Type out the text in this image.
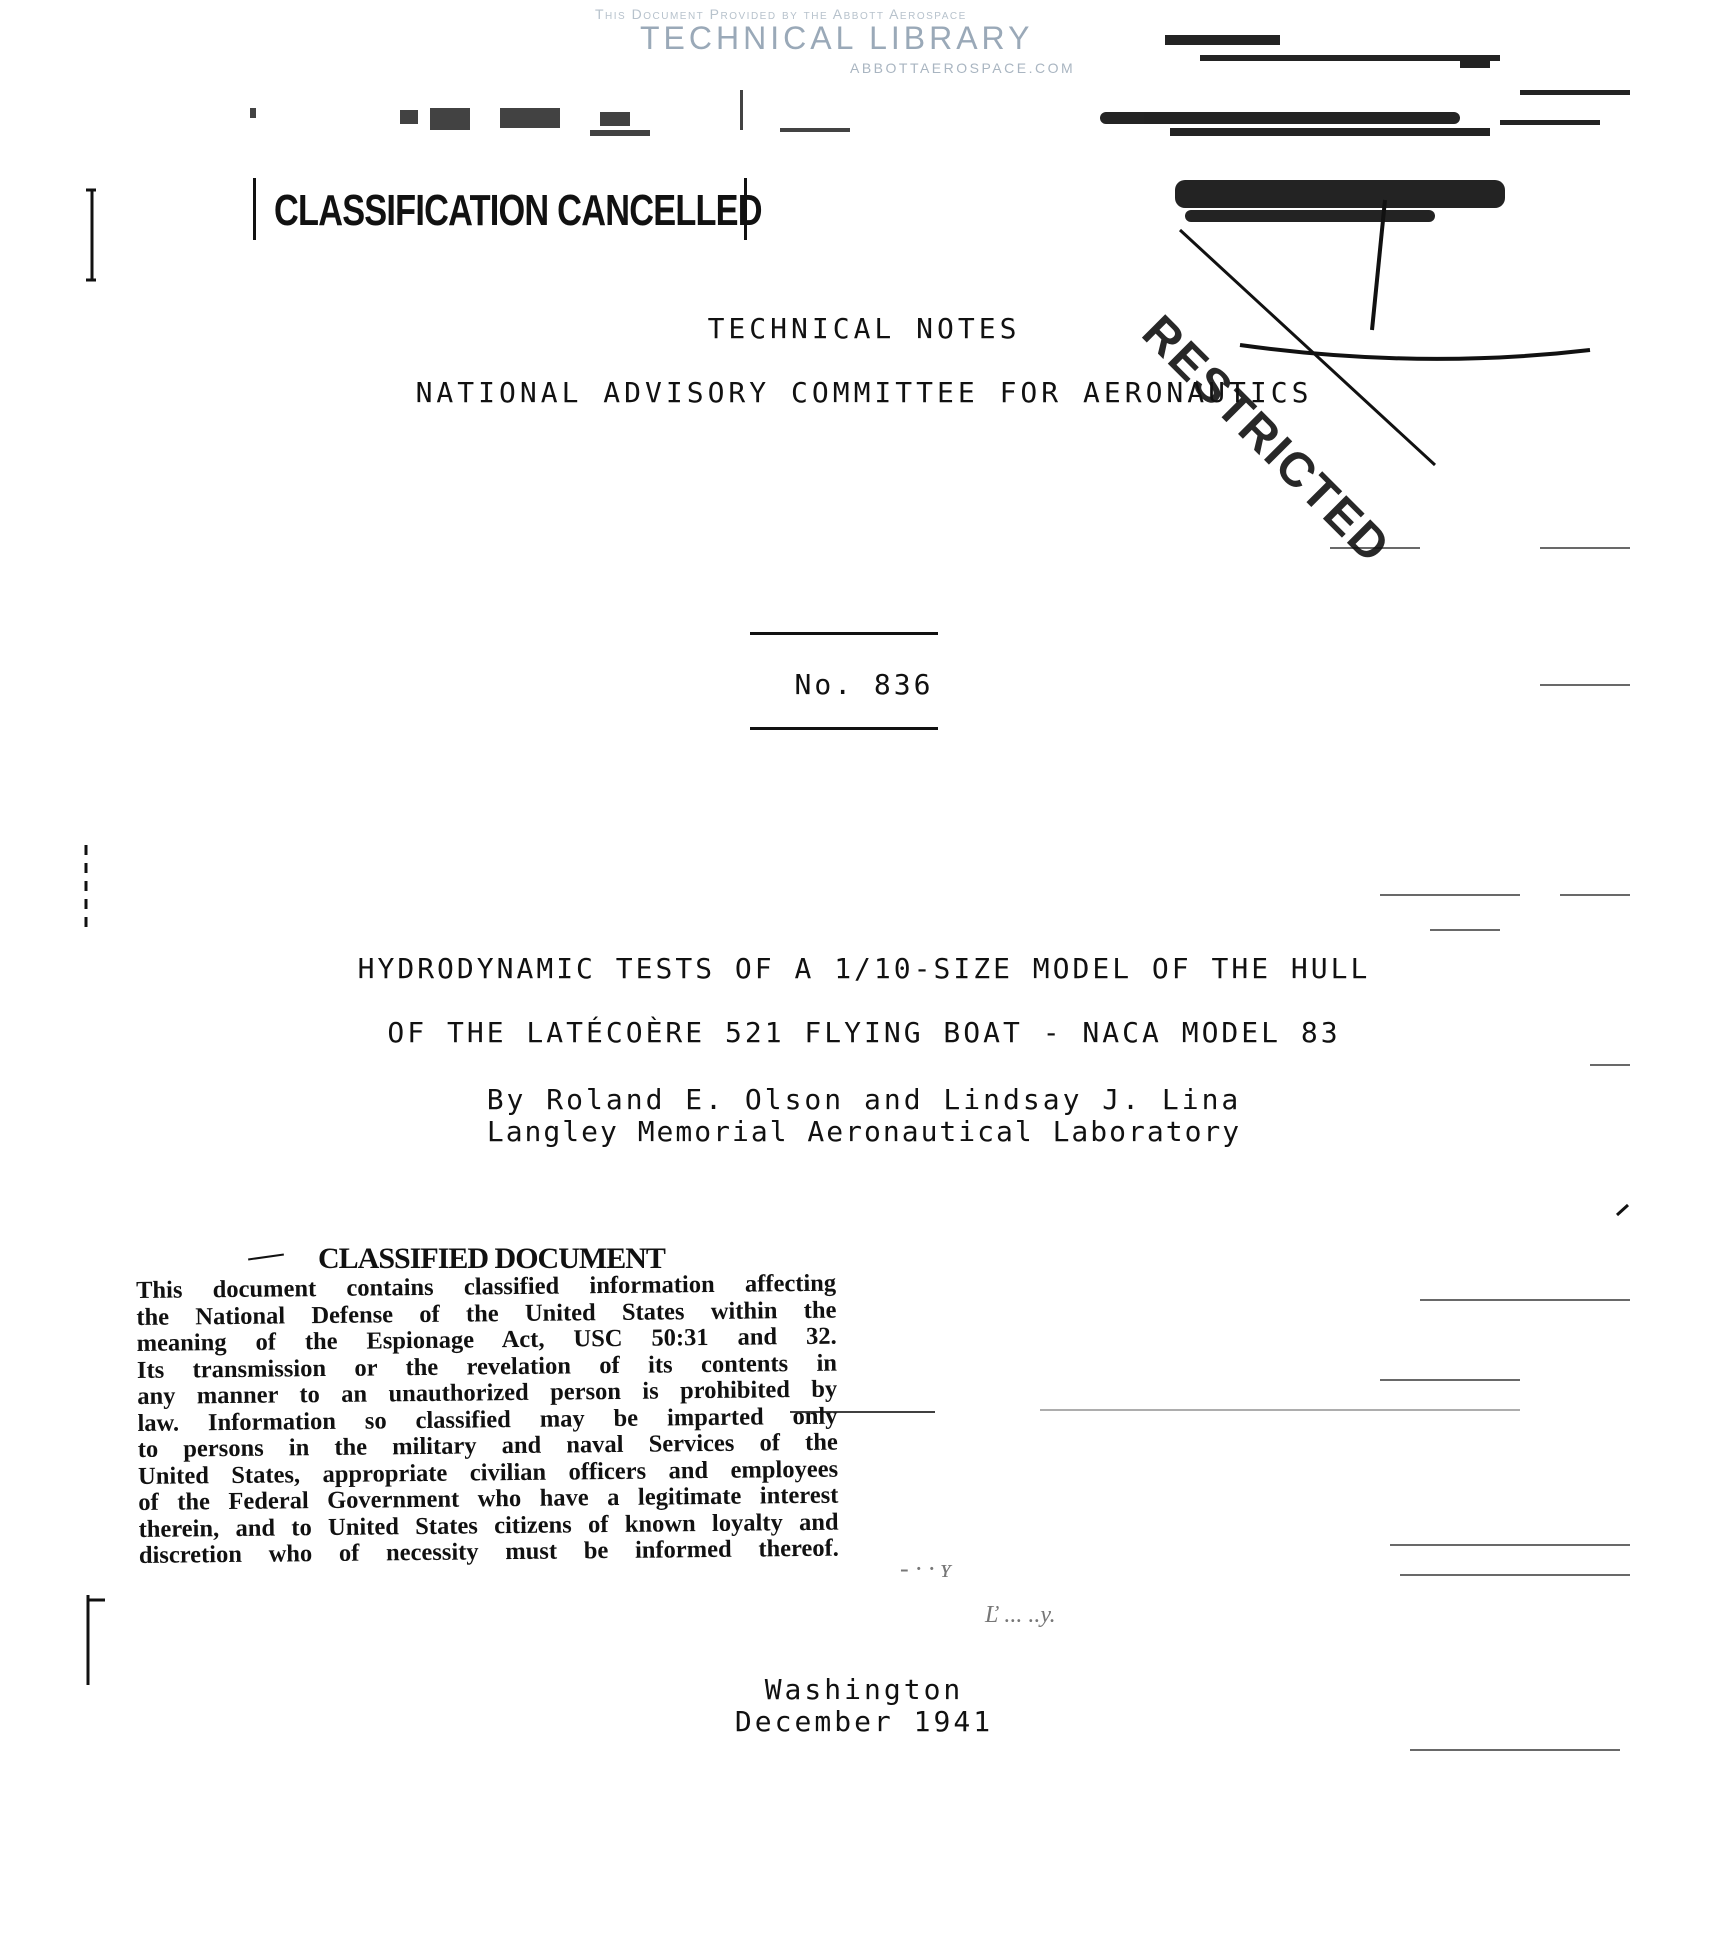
This Document Provided by the Abbott Aerospace
TECHNICAL LIBRARY
ABBOTTAEROSPACE.COM
- · · ʏ
Ľ ... ..y.
CLASSIFICATION CANCELLED
RESTRICTED
TECHNICAL NOTES
NATIONAL ADVISORY COMMITTEE FOR AERONAUTICS
No. 836
HYDRODYNAMIC TESTS OF A 1/10-SIZE MODEL OF THE HULL
OF THE LATÉCOÈRE 521 FLYING BOAT - NACA MODEL 83
By Roland E. Olson and Lindsay J. Lina
Langley Memorial Aeronautical Laboratory
CLASSIFIED DOCUMENT
This document contains classified information affecting
the National Defense of the United States within the
meaning of the Espionage Act, USC 50:31 and 32.
Its transmission or the revelation of its contents in
any manner to an unauthorized person is prohibited by
law. Information so classified may be imparted only
to persons in the military and naval Services of the
United States, appropriate civilian officers and employees
of the Federal Government who have a legitimate interest
therein, and to United States citizens of known loyalty and
discretion who of necessity must be informed thereof.
Washington
December 1941
